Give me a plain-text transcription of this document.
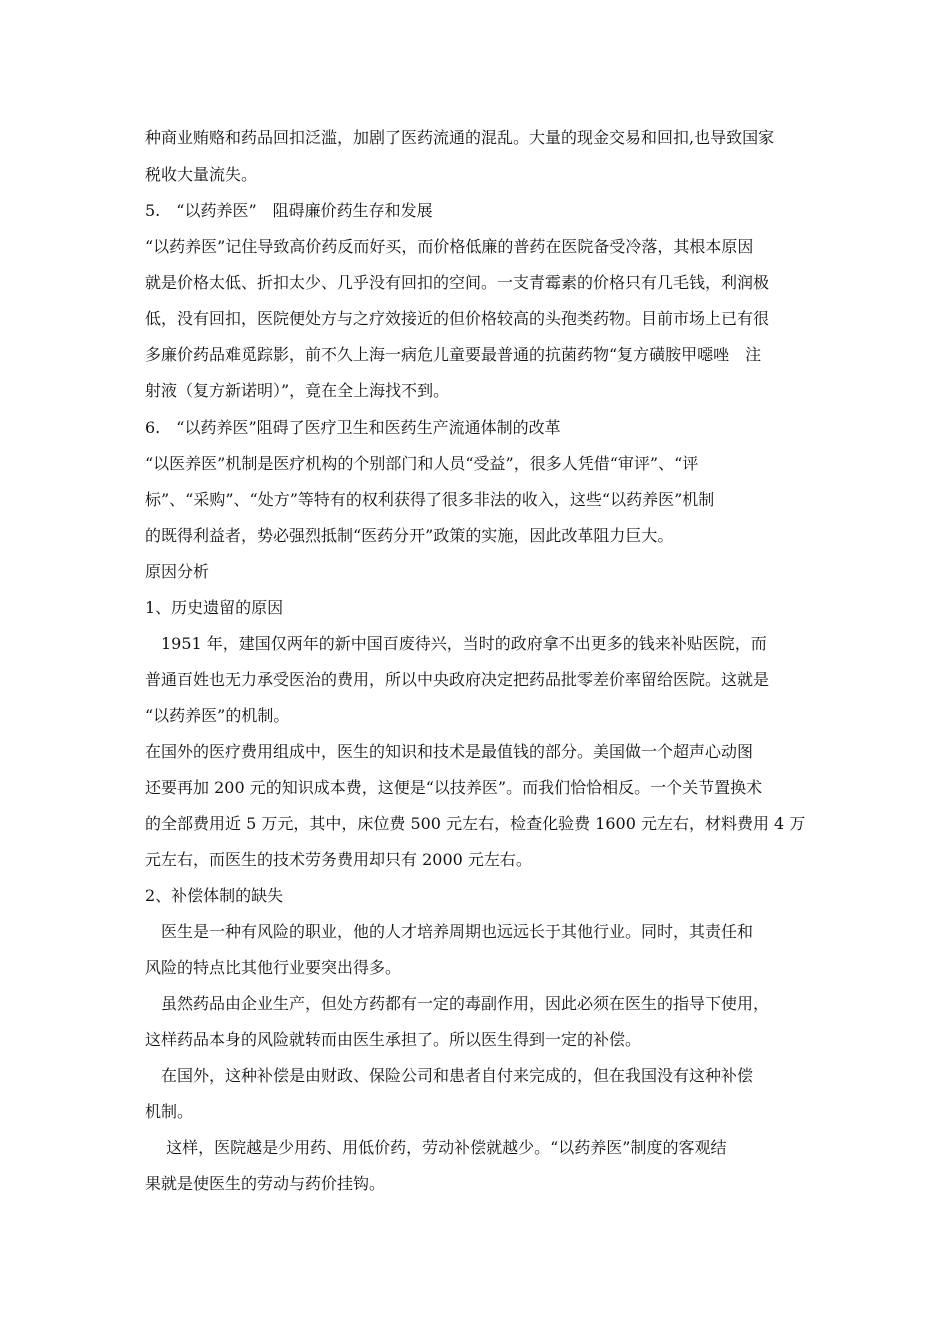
种商业贿赂和药品回扣泛滥，加剧了医药流通的混乱。大量的现金交易和回扣,也导致国家
税收大量流失。
5.　“以药养医”　阻碍廉价药生存和发展
“以药养医”记住导致高价药反而好买，而价格低廉的普药在医院备受冷落，其根本原因
就是价格太低、折扣太少、几乎没有回扣的空间。一支青霉素的价格只有几毛钱，利润极
低，没有回扣，医院便处方与之疗效接近的但价格较高的头孢类药物。目前市场上已有很
多廉价药品难觅踪影，前不久上海一病危儿童要最普通的抗菌药物“复方磺胺甲噁唑　注
射液（复方新诺明）”，竟在全上海找不到。
6.　“以药养医”阻碍了医疗卫生和医药生产流通体制的改革
“以医养医”机制是医疗机构的个别部门和人员“受益”，很多人凭借“审评”、“评
标”、“采购”、“处方”等特有的权利获得了很多非法的收入，这些“以药养医”机制
的既得利益者，势必强烈抵制“医药分开”政策的实施，因此改革阻力巨大。
原因分析
1、历史遗留的原因
　1951 年，建国仅两年的新中国百废待兴，当时的政府拿不出更多的钱来补贴医院，而
普通百姓也无力承受医治的费用，所以中央政府决定把药品批零差价率留给医院。这就是
“以药养医”的机制。
在国外的医疗费用组成中，医生的知识和技术是最值钱的部分。美国做一个超声心动图
还要再加 200 元的知识成本费，这便是“以技养医”。而我们恰恰相反。一个关节置换术
的全部费用近 5 万元，其中，床位费 500 元左右，检查化验费 1600 元左右，材料费用 4 万
元左右，而医生的技术劳务费用却只有 2000 元左右。
2、补偿体制的缺失
　医生是一种有风险的职业，他的人才培养周期也远远长于其他行业。同时，其责任和
风险的特点比其他行业要突出得多。
　虽然药品由企业生产，但处方药都有一定的毒副作用，因此必须在医生的指导下使用，
这样药品本身的风险就转而由医生承担了。所以医生得到一定的补偿。
　在国外，这种补偿是由财政、保险公司和患者自付来完成的，但在我国没有这种补偿
机制。
　 这样，医院越是少用药、用低价药，劳动补偿就越少。“以药养医”制度的客观结
果就是使医生的劳动与药价挂钩。
